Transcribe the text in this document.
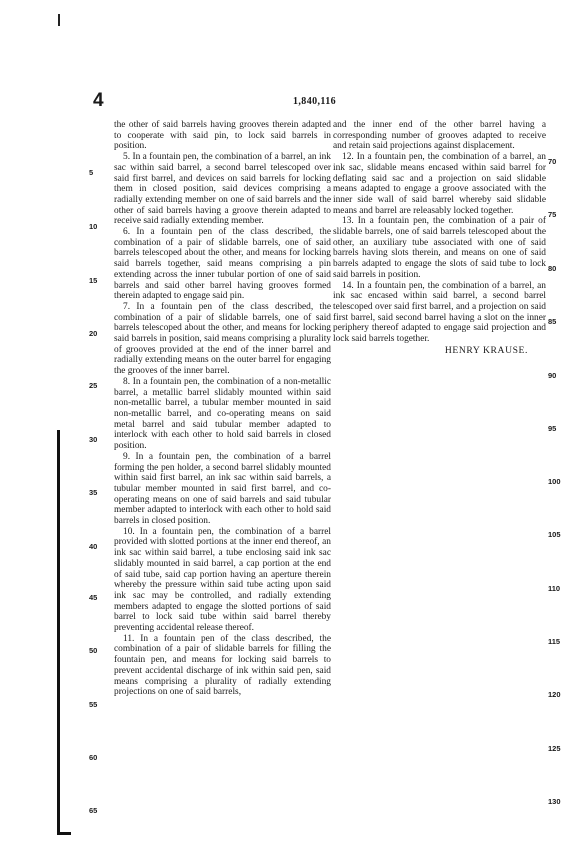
4	1,840,116

the other of said barrels having grooves therein adapted to cooperate with said pin, to lock said barrels in position.

5. In a fountain pen, the combination of a barrel, an ink sac within said barrel, a second barrel telescoped over said first barrel, and devices on said barrels for locking them in closed position, said devices comprising a radially extending member on one of said barrels and the other of said barrels having a groove therein adapted to receive said radially extending member.

6. In a fountain pen of the class described, the combination of a pair of slidable barrels, one of said barrels telescoped about the other, and means for locking said barrels together, said means comprising a pin extending across the inner tubular portion of one of said barrels and said other barrel having grooves formed therein adapted to engage said pin.

7. In a fountain pen of the class described, the combination of a pair of slidable barrels, one of said barrels telescoped about the other, and means for locking said barrels in position, said means comprising a plurality of grooves provided at the end of the inner barrel and radially extending means on the outer barrel for engaging the grooves of the inner barrel.

8. In a fountain pen, the combination of a non-metallic barrel, a metallic barrel slidably mounted within said non-metallic barrel, a tubular member mounted in said non-metallic barrel, and co-operating means on said metal barrel and said tubular member adapted to interlock with each other to hold said barrels in closed position.

9. In a fountain pen, the combination of a barrel forming the pen holder, a second barrel slidably mounted within said first barrel, an ink sac within said barrels, a tubular member mounted in said first barrel, and co-operating means on one of said barrels and said tubular member adapted to interlock with each other to hold said barrels in closed position.

10. In a fountain pen, the combination of a barrel provided with slotted portions at the inner end thereof, an ink sac within said barrel, a tube enclosing said ink sac slidably mounted in said barrel, a cap portion at the end of said tube, said cap portion having an aperture therein whereby the pressure within said tube acting upon said ink sac may be controlled, and radially extending members adapted to engage the slotted portions of said barrel to lock said tube within said barrel thereby preventing accidental release thereof.

11. In a fountain pen of the class described, the combination of a pair of slidable barrels for filling the fountain pen, and means for locking said barrels to prevent accidental discharge of ink within said pen, said means comprising a plurality of radially extending projections on one of said barrels,

and the inner end of the other barrel having a corresponding number of grooves adapted to receive and retain said projections against displacement.

12. In a fountain pen, the combination of a barrel, an ink sac, slidable means encased within said barrel for deflating said sac and a projection on said slidable means adapted to engage a groove associated with the inner side wall of said barrel whereby said slidable means and barrel are releasably locked together.

13. In a fountain pen, the combination of a pair of slidable barrels, one of said barrels telescoped about the other, an auxiliary tube associated with one of said barrels having slots therein, and means on one of said barrels adapted to engage the slots of said tube to lock said barrels in position.

14. In a fountain pen, the combination of a barrel, an ink sac encased within said barrel, a second barrel telescoped over said first barrel, and a projection on said first barrel, said second barrel having a slot on the inner periphery thereof adapted to engage said projection and lock said barrels together.

HENRY KRAUSE.
5
10
15
20
25
30
35
40
45
50
55
60
65
70
75
80
85
90
95
100
105
110
115
120
125
130
